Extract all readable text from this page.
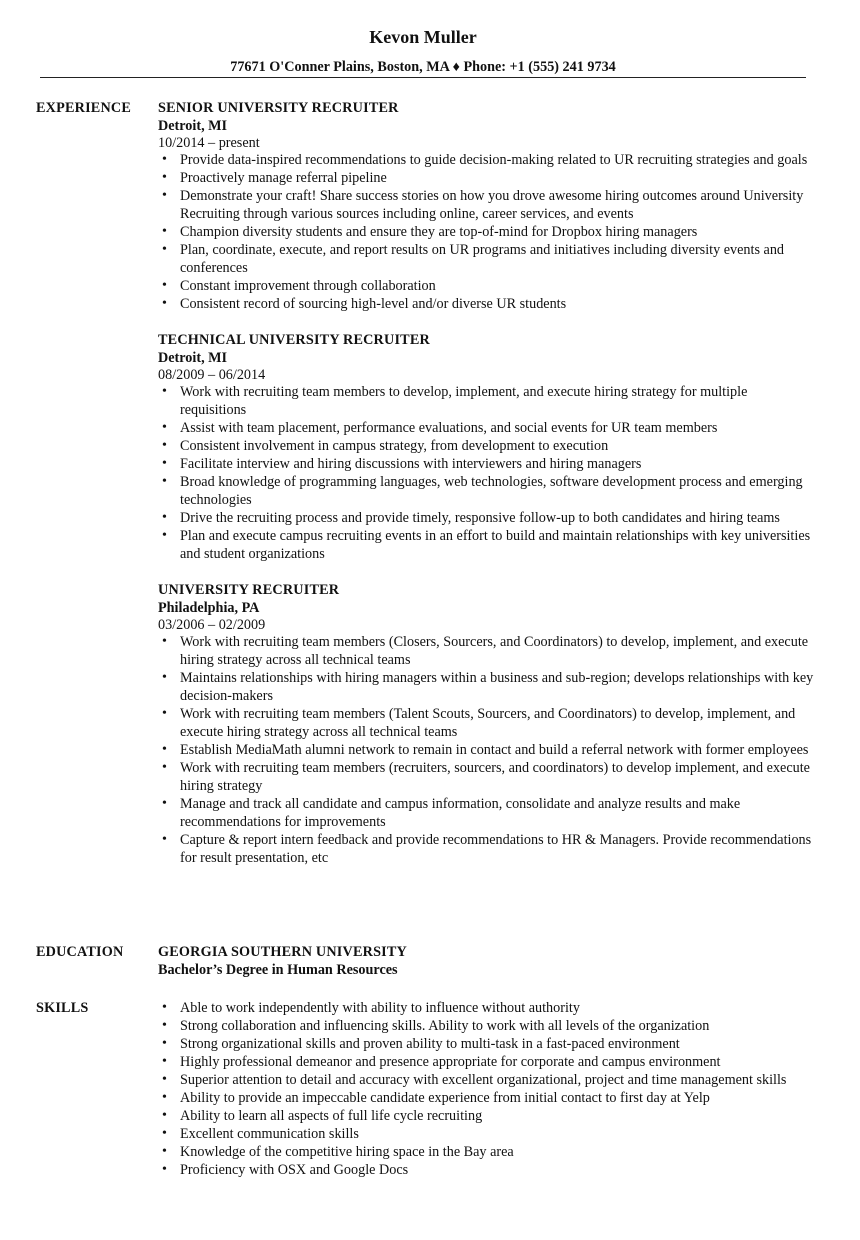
Kevon Muller
77671 O'Conner Plains, Boston, MA ♦ Phone: +1 (555) 241 9734
EXPERIENCE SENIOR UNIVERSITY RECRUITER
Detroit, MI
10/2014 – present
• Provide data-inspired recommendations to guide decision-making related to UR recruiting strategies and goals
• Proactively manage referral pipeline
• Demonstrate your craft! Share success stories on how you drove awesome hiring outcomes around University Recruiting through various sources including online, career services, and events
• Champion diversity students and ensure they are top-of-mind for Dropbox hiring managers
• Plan, coordinate, execute, and report results on UR programs and initiatives including diversity events and conferences
• Constant improvement through collaboration
• Consistent record of sourcing high-level and/or diverse UR students
TECHNICAL UNIVERSITY RECRUITER
Detroit, MI
08/2009 – 06/2014
• Work with recruiting team members to develop, implement, and execute hiring strategy for multiple requisitions
• Assist with team placement, performance evaluations, and social events for UR team members
• Consistent involvement in campus strategy, from development to execution
• Facilitate interview and hiring discussions with interviewers and hiring managers
• Broad knowledge of programming languages, web technologies, software development process and emerging technologies
• Drive the recruiting process and provide timely, responsive follow-up to both candidates and hiring teams
• Plan and execute campus recruiting events in an effort to build and maintain relationships with key universities and student organizations
UNIVERSITY RECRUITER
Philadelphia, PA
03/2006 – 02/2009
• Work with recruiting team members (Closers, Sourcers, and Coordinators) to develop, implement, and execute hiring strategy across all technical teams
• Maintains relationships with hiring managers within a business and sub-region; develops relationships with key decision-makers
• Work with recruiting team members (Talent Scouts, Sourcers, and Coordinators) to develop, implement, and execute hiring strategy across all technical teams
• Establish MediaMath alumni network to remain in contact and build a referral network with former employees
• Work with recruiting team members (recruiters, sourcers, and coordinators) to develop implement, and execute hiring strategy
• Manage and track all candidate and campus information, consolidate and analyze results and make recommendations for improvements
• Capture & report intern feedback and provide recommendations to HR & Managers. Provide recommendations for result presentation, etc
EDUCATION GEORGIA SOUTHERN UNIVERSITY
Bachelor’s Degree in Human Resources
SKILLS
•	Able to work independently with ability to influence without authority
• Strong collaboration and influencing skills. Ability to work with all levels of the organization
• Strong organizational skills and proven ability to multi-task in a fast-paced environment
• Highly professional demeanor and presence appropriate for corporate and campus environment
• Superior attention to detail and accuracy with excellent organizational, project and time management skills
• Ability to provide an impeccable candidate experience from initial contact to first day at Yelp
• Ability to learn all aspects of full life cycle recruiting
• Excellent communication skills
• Knowledge of the competitive hiring space in the Bay area
• Proficiency with OSX and Google Docs
